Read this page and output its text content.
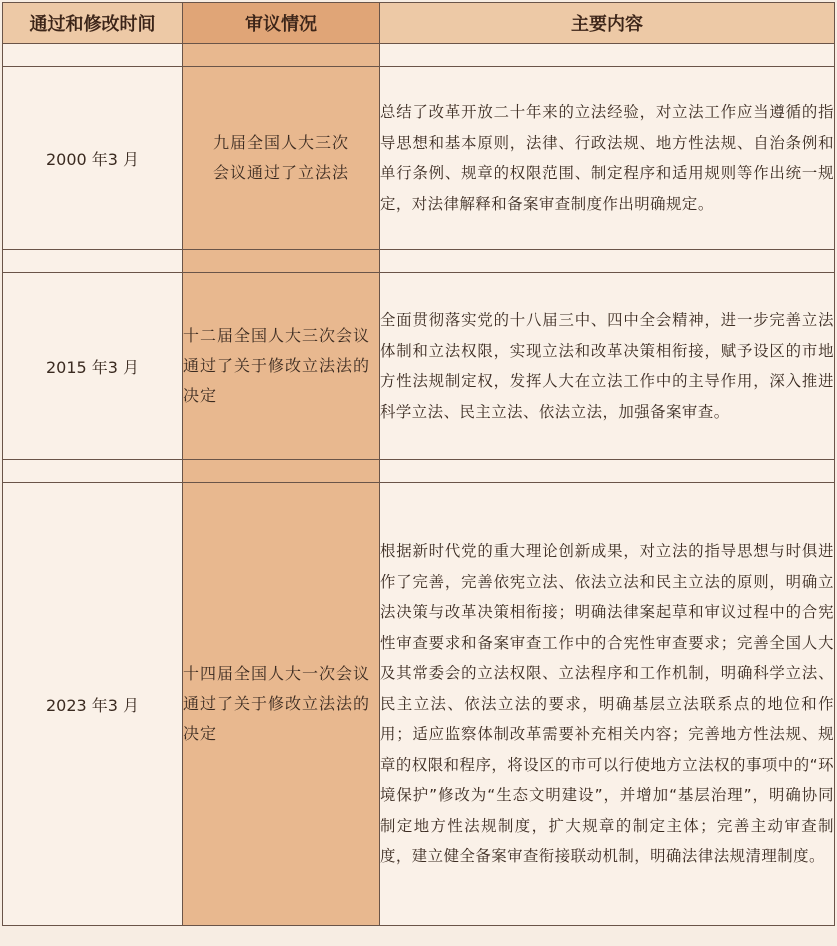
通过和修改时间	审议情况	主要内容

2000 年3 月	九届全国人大三次会议通过了立法法	总结了改革开放二十年来的立法经验，对立法工作应当遵循的指导思想和基本原则，法律、行政法规、地方性法规、自治条例和单行条例、规章的权限范围、制定程序和适用规则等作出统一规定，对法律解释和备案审查制度作出明确规定。

2015 年3 月	十二届全国人大三次会议通过了关于修改立法法的决定	全面贯彻落实党的十八届三中、四中全会精神，进一步完善立法体制和立法权限，实现立法和改革决策相衔接，赋予设区的市地方性法规制定权，发挥人大在立法工作中的主导作用，深入推进科学立法、民主立法、依法立法，加强备案审查。

2023 年3 月	十四届全国人大一次会议通过了关于修改立法法的决定	根据新时代党的重大理论创新成果，对立法的指导思想与时俱进作了完善，完善依宪立法、依法立法和民主立法的原则，明确立法决策与改革决策相衔接；明确法律案起草和审议过程中的合宪性审查要求和备案审查工作中的合宪性审查要求；完善全国人大及其常委会的立法权限、立法程序和工作机制，明确科学立法、民主立法、依法立法的要求，明确基层立法联系点的地位和作用；适应监察体制改革需要补充相关内容；完善地方性法规、规章的权限和程序，将设区的市可以行使地方立法权的事项中的“环境保护”修改为“生态文明建设”，并增加“基层治理”，明确协同制定地方性法规制度，扩大规章的制定主体；完善主动审查制度，建立健全备案审查衔接联动机制，明确法律法规清理制度。
